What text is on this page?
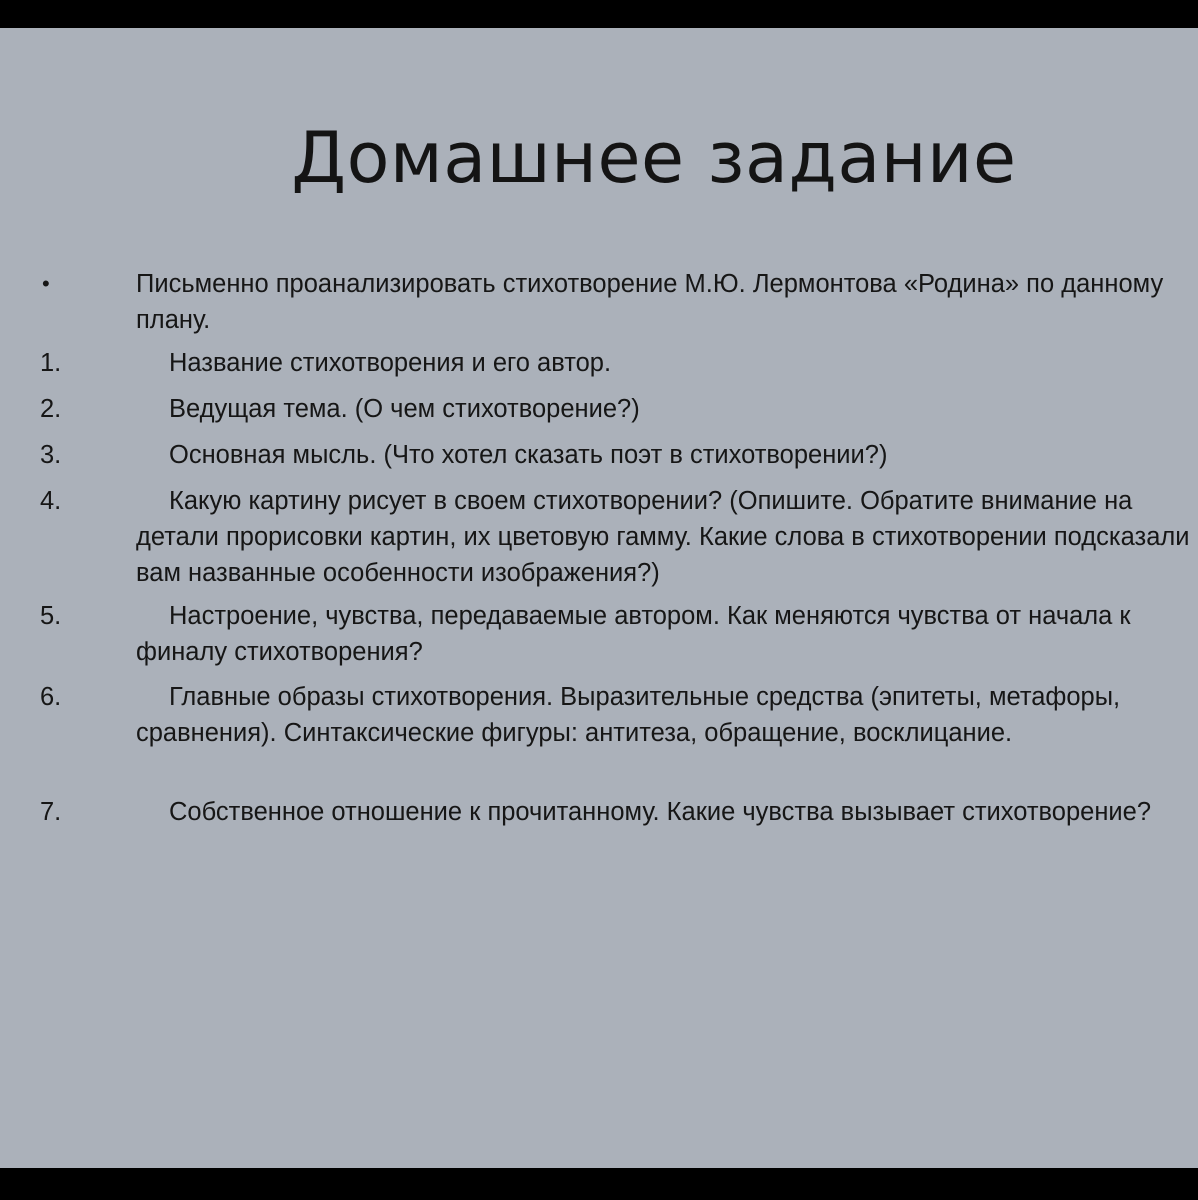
Домашнее задание
•	Письменно проанализировать стихотворение М.Ю. Лермонтова «Родина» по данному плану.

1.	Название стихотворения и его автор.

2.	Ведущая тема. (О чем стихотворение?)

3.	Основная мысль. (Что хотел сказать поэт в стихотворении?)

4.	Какую картину рисует в своем стихотворении? (Опишите. Обратите внимание на детали прорисовки картин, их цветовую гамму. Какие слова в стихотворении подсказали вам названные особенности изображения?)

5.	Настроение, чувства, передаваемые автором. Как меняются чувства от начала к финалу стихотворения?

6.	Главные образы стихотворения. Выразительные средства (эпитеты, метафоры, сравнения). Синтаксические фигуры: антитеза, обращение, восклицание.

7.	Собственное отношение к прочитанному. Какие чувства вызывает стихотворение?
